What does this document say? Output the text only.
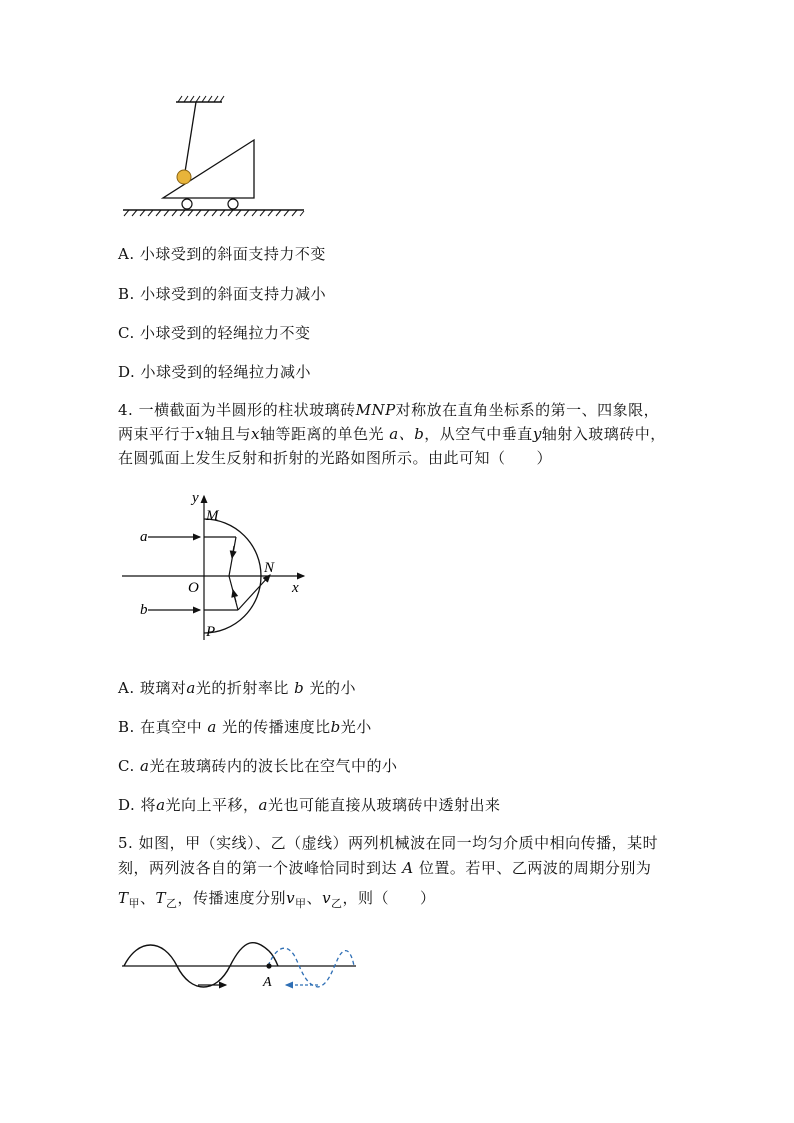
A. 小球受到的斜面支持力不变
B. 小球受到的斜面支持力减小
C. 小球受到的轻绳拉力不变
D. 小球受到的轻绳拉力减小
4. 一横截面为半圆形的柱状玻璃砖MNP对称放在直角坐标系的第一、四象限，
两束平行于x轴且与x轴等距离的单色光 a、b，从空气中垂直y轴射入玻璃砖中，
在圆弧面上发生反射和折射的光路如图所示。由此可知（　　）
y
M
a
N
O	x
b
P
A. 玻璃对a光的折射率比 b 光的小
B. 在真空中 a 光的传播速度比b光小
C. a光在玻璃砖内的波长比在空气中的小
D. 将a光向上平移，a光也可能直接从玻璃砖中透射出来
5. 如图，甲（实线）、乙（虚线）两列机械波在同一均匀介质中相向传播，某时
刻，两列波各自的第一个波峰恰同时到达 A 位置。若甲、乙两波的周期分别为
$T_甲$、$T_乙$，传播速度分别$v_甲$、$v_乙$，则（　　）
A
